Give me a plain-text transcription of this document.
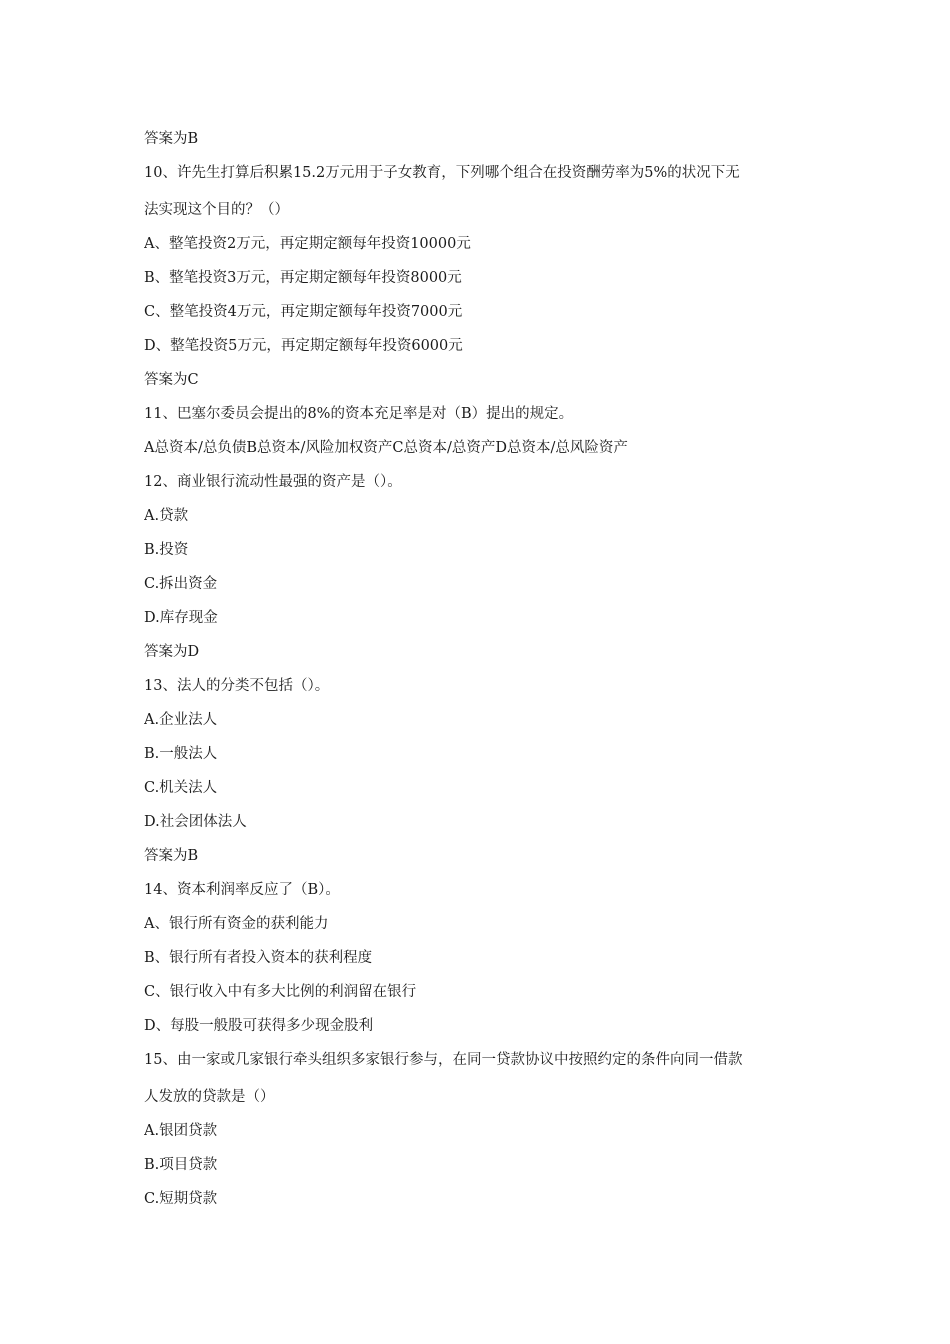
答案为B
10、许先生打算后积累15.2万元用于子女教育，下列哪个组合在投资酬劳率为5%的状况下无
法实现这个目的？（）
A、整笔投资2万元，再定期定额每年投资10000元
B、整笔投资3万元，再定期定额每年投资8000元
C、整笔投资4万元，再定期定额每年投资7000元
D、整笔投资5万元，再定期定额每年投资6000元
答案为C
11、巴塞尔委员会提出的8%的资本充足率是对（B）提出的规定。
A总资本/总负债B总资本/风险加权资产C总资本/总资产D总资本/总风险资产
12、商业银行流动性最强的资产是（）。
A.贷款
B.投资
C.拆出资金
D.库存现金
答案为D
13、法人的分类不包括（）。
A.企业法人
B.一般法人
C.机关法人
D.社会团体法人
答案为B
14、资本利润率反应了（B）。
A、银行所有资金的获利能力
B、银行所有者投入资本的获利程度
C、银行收入中有多大比例的利润留在银行
D、每股一般股可获得多少现金股利
15、由一家或几家银行牵头组织多家银行参与，在同一贷款协议中按照约定的条件向同一借款
人发放的贷款是（）
A.银团贷款
B.项目贷款
C.短期贷款
